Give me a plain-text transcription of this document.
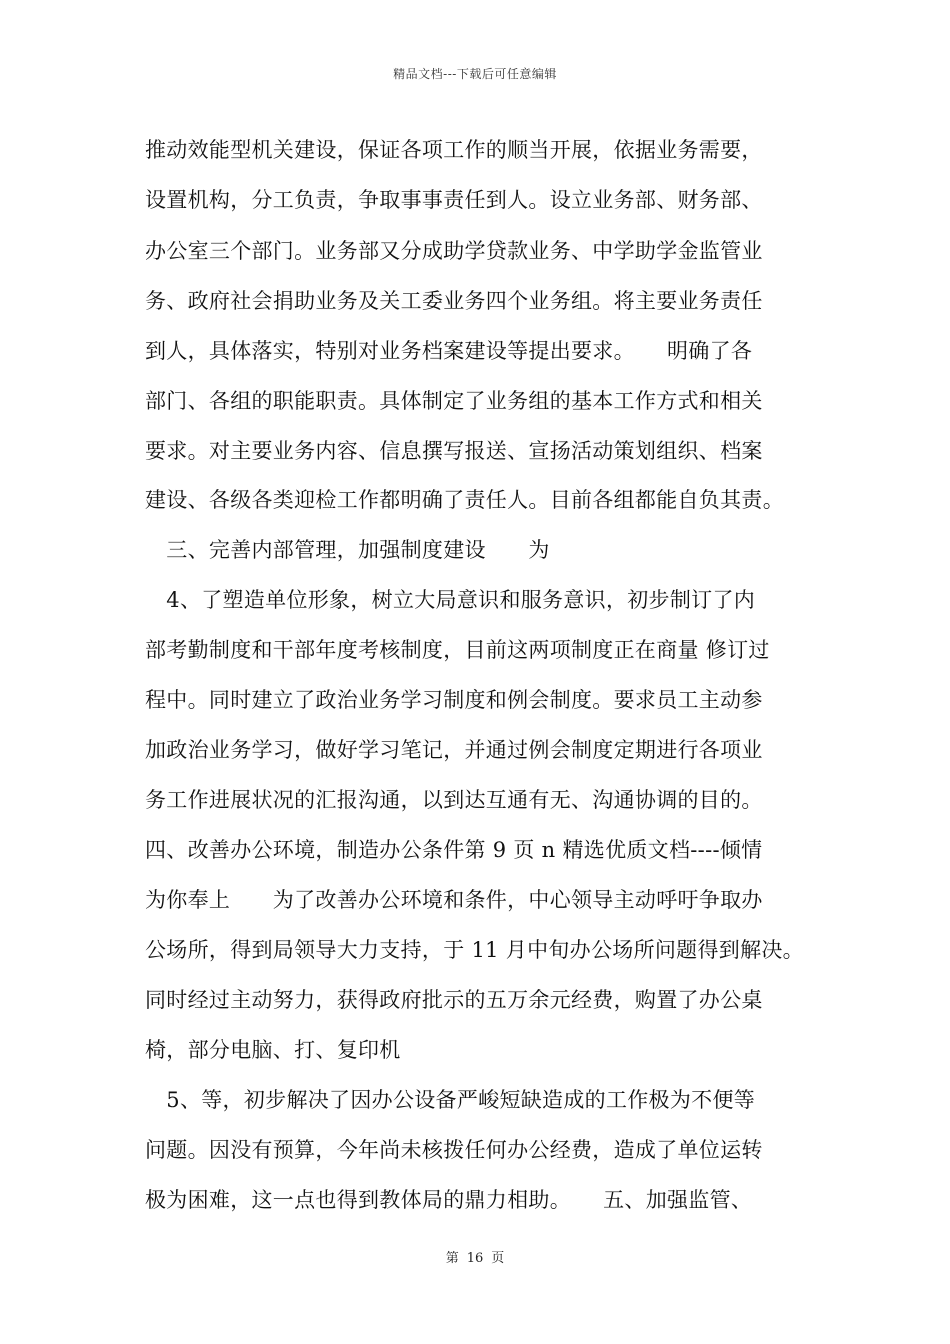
精品文档---下载后可任意编辑
推动效能型机关建设，保证各项工作的顺当开展，依据业务需要，
设置机构，分工负责，争取事事责任到人。设立业务部、财务部、
办公室三个部门。业务部又分成助学贷款业务、中学助学金监管业
务、政府社会捐助业务及关工委业务四个业务组。将主要业务责任
到人，具体落实，特别对业务档案建设等提出要求。　　明确了各
部门、各组的职能职责。具体制定了业务组的基本工作方式和相关
要求。对主要业务内容、信息撰写报送、宣扬活动策划组织、档案
建设、各级各类迎检工作都明确了责任人。目前各组都能自负其责。
　三、完善内部管理，加强制度建设　　为
　4、了塑造单位形象，树立大局意识和服务意识，初步制订了内
部考勤制度和干部年度考核制度，目前这两项制度正在商量 修订过
程中。同时建立了政治业务学习制度和例会制度。要求员工主动参
加政治业务学习，做好学习笔记，并通过例会制度定期进行各项业
务工作进展状况的汇报沟通，以到达互通有无、沟通协调的目的。
四、改善办公环境，制造办公条件第 9 页 n 精选优质文档----倾情
为你奉上　　为了改善办公环境和条件，中心领导主动呼吁争取办
公场所，得到局领导大力支持，于 11 月中旬办公场所问题得到解决。
同时经过主动努力，获得政府批示的五万余元经费，购置了办公桌
椅，部分电脑、打、复印机
　5、等，初步解决了因办公设备严峻短缺造成的工作极为不便等
问题。因没有预算，今年尚未核拨任何办公经费，造成了单位运转
极为困难，这一点也得到教体局的鼎力相助。　　五、加强监管、
第 16 页
